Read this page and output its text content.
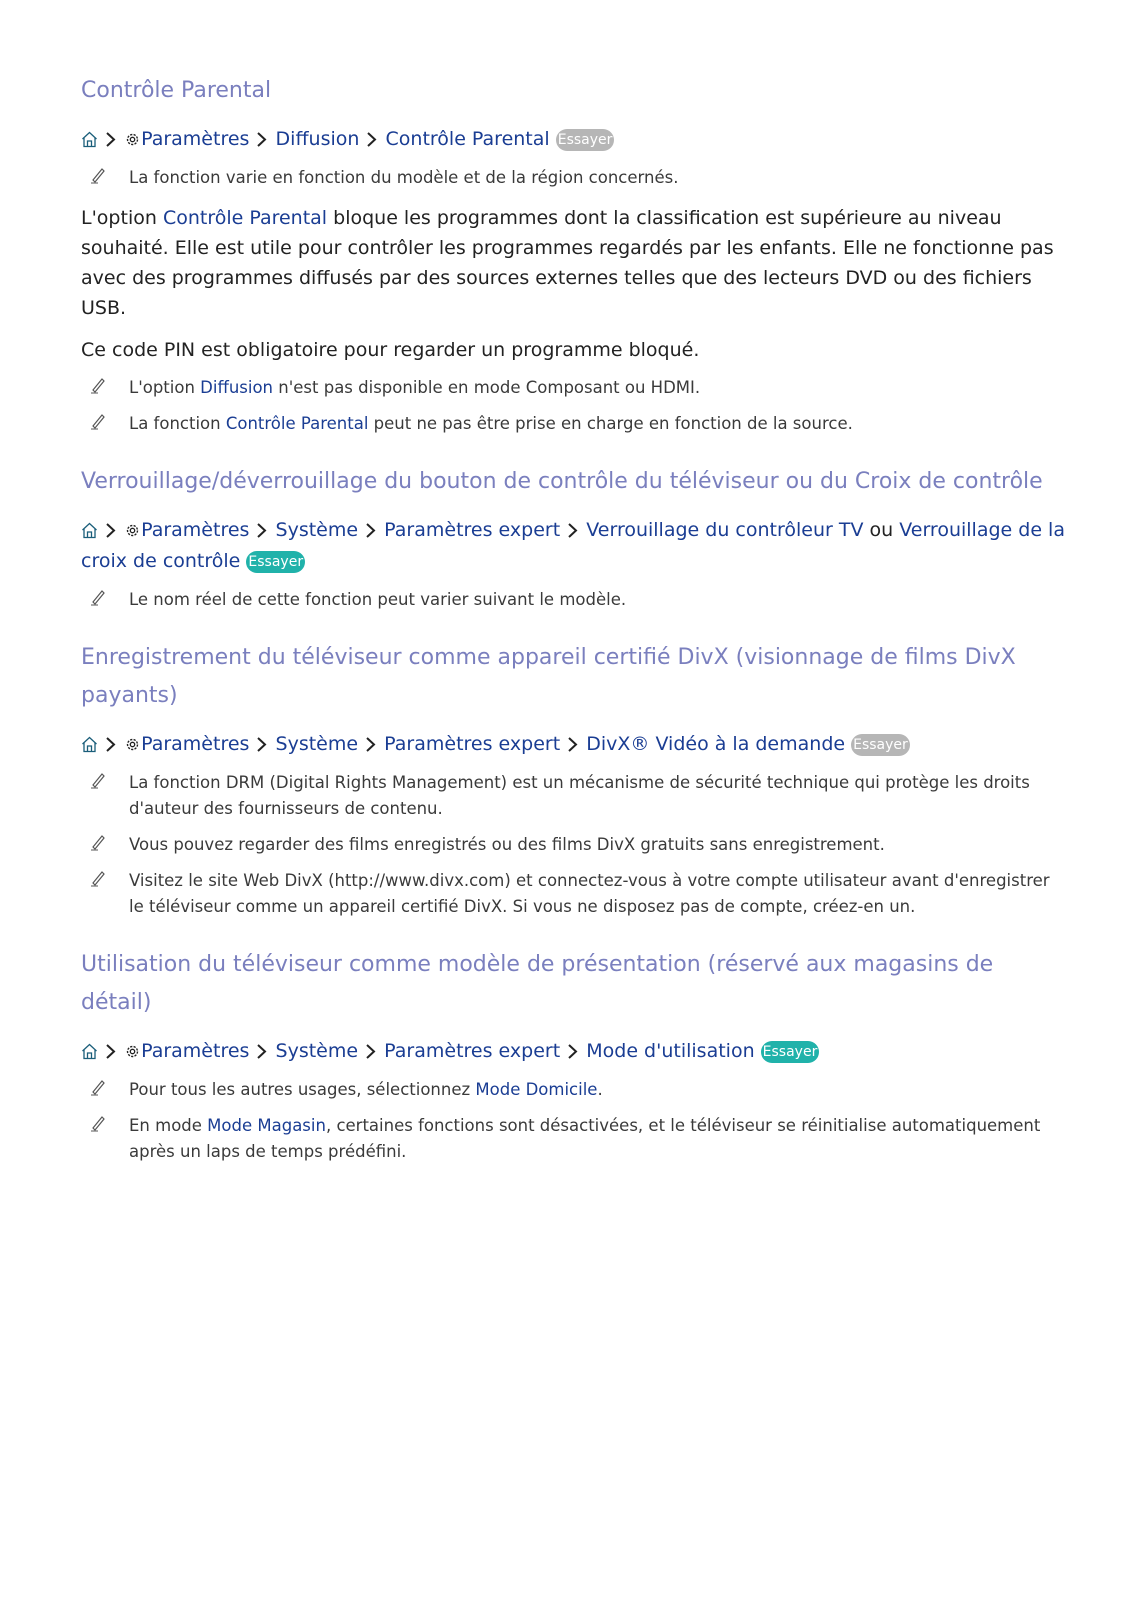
Contrôle Parental
Paramètres Diffusion Contrôle Parental Essayer
La fonction varie en fonction du modèle et de la région concernés.
L'option Contrôle Parental bloque les programmes dont la classification est supérieure au niveau souhaité. Elle est utile pour contrôler les programmes regardés par les enfants. Elle ne fonctionne pas avec des programmes diffusés par des sources externes telles que des lecteurs DVD ou des fichiers USB.
Ce code PIN est obligatoire pour regarder un programme bloqué.
L'option Diffusion n'est pas disponible en mode Composant ou HDMI.
La fonction Contrôle Parental peut ne pas être prise en charge en fonction de la source.
Verrouillage/déverrouillage du bouton de contrôle du téléviseur ou du Croix de contrôle
Paramètres Système Paramètres expert Verrouillage du contrôleur TV ou Verrouillage de la croix de contrôle Essayer
Le nom réel de cette fonction peut varier suivant le modèle.
Enregistrement du téléviseur comme appareil certifié DivX (visionnage de films DivX payants)
Paramètres Système Paramètres expert DivX® Vidéo à la demande Essayer
La fonction DRM (Digital Rights Management) est un mécanisme de sécurité technique qui protège les droits d'auteur des fournisseurs de contenu.
Vous pouvez regarder des films enregistrés ou des films DivX gratuits sans enregistrement.
Visitez le site Web DivX (http://www.divx.com) et connectez-vous à votre compte utilisateur avant d'enregistrer le téléviseur comme un appareil certifié DivX. Si vous ne disposez pas de compte, créez-en un.
Utilisation du téléviseur comme modèle de présentation (réservé aux magasins de détail)
Paramètres Système Paramètres expert Mode d'utilisation Essayer
Pour tous les autres usages, sélectionnez Mode Domicile.
En mode Mode Magasin, certaines fonctions sont désactivées, et le téléviseur se réinitialise automatiquement après un laps de temps prédéfini.
